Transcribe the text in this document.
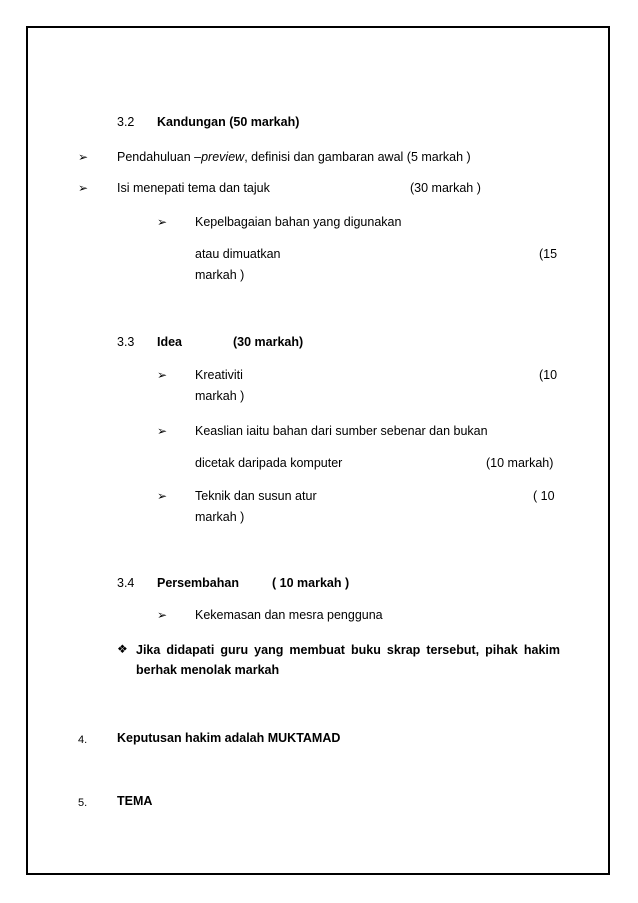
3.2 Kandungan (50 markah)
➢ Pendahuluan –preview, definisi dan gambaran awal (5 markah )
➢ Isi menepati tema dan tajuk	(30 markah )
➢ Kepelbagaian bahan yang digunakan
atau dimuatkan	(15
markah )
3.3 Idea	(30 markah)
➢ Kreativiti	(10
markah )
➢ Keaslian iaitu bahan dari sumber sebenar dan bukan
dicetak daripada komputer	(10 markah)
➢ Teknik dan susun atur	( 10
markah )
3.4 Persembahan	( 10 markah )
➢ Kekemasan dan mesra pengguna
❖ Jika didapati guru yang membuat buku skrap tersebut, pihak hakim berhak menolak markah
4. Keputusan hakim adalah MUKTAMAD
5. TEMA
